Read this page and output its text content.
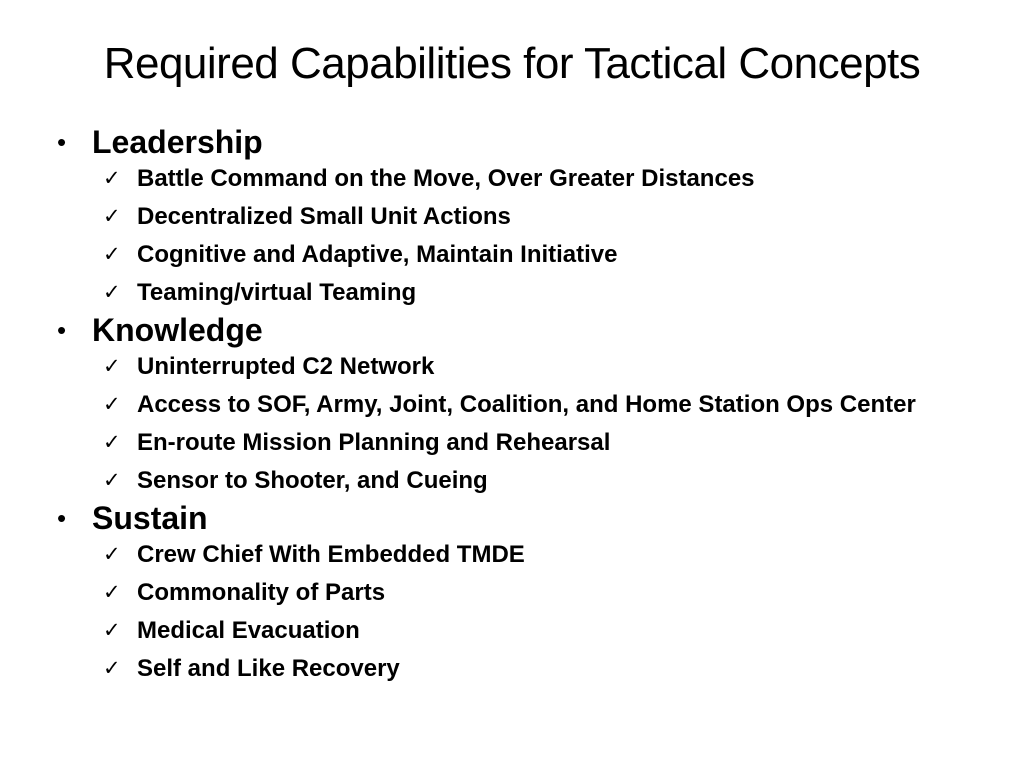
Required Capabilities for Tactical Concepts
• Leadership
✓ Battle Command on the Move, Over Greater Distances
✓ Decentralized Small Unit Actions
✓ Cognitive and Adaptive, Maintain Initiative
✓ Teaming/virtual Teaming
• Knowledge
✓ Uninterrupted C2 Network
✓ Access to SOF, Army, Joint, Coalition, and Home Station Ops Center
✓ En-route Mission Planning and Rehearsal
✓ Sensor to Shooter, and Cueing
• Sustain
✓ Crew Chief With Embedded TMDE
✓ Commonality of Parts
✓ Medical Evacuation
✓ Self and Like Recovery
